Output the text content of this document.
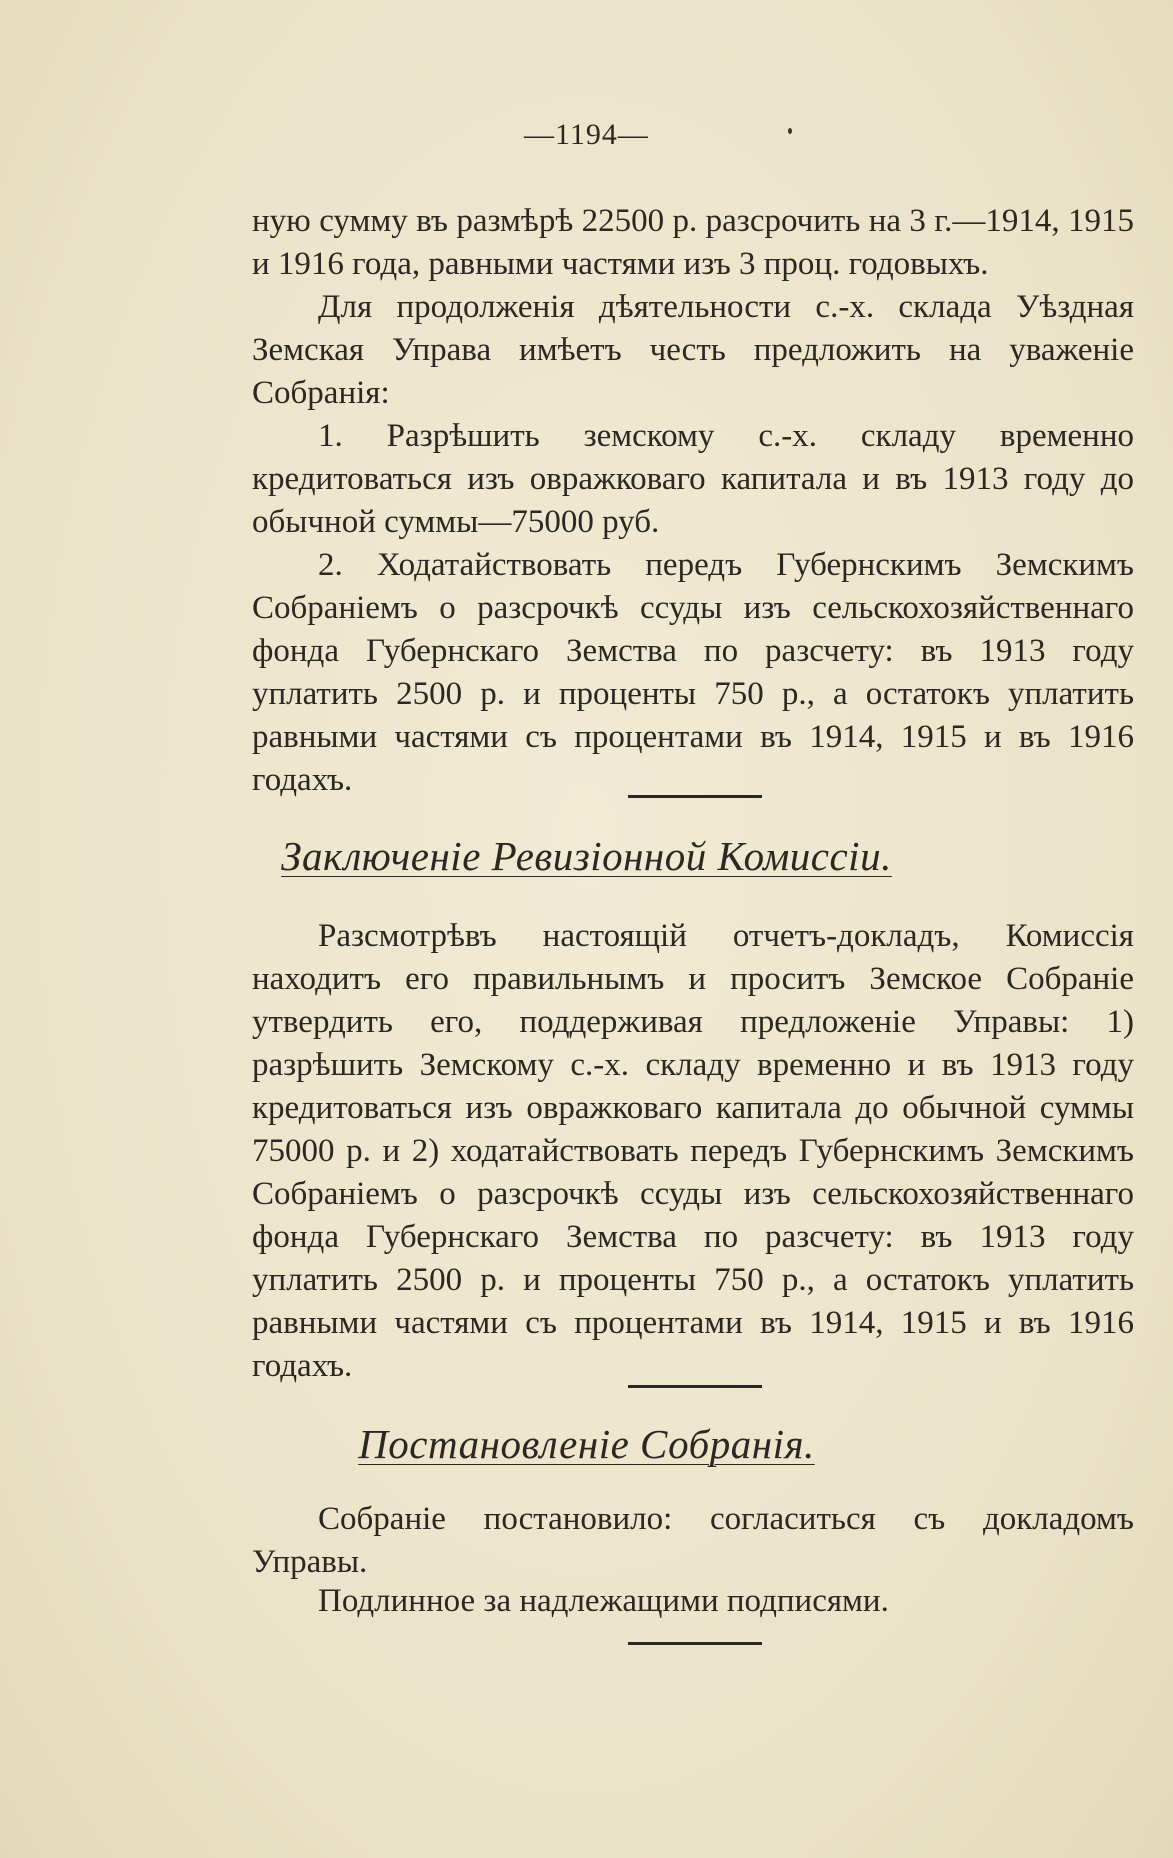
—1194—

ную сумму въ размѣрѣ 22500 р. разсрочить на 3 г.—1914, 1915 и 1916 года, равными частями изъ 3 проц. годовыхъ.

Для продолженія дѣятельности с.-х. склада Уѣздная Земская Управа имѣетъ честь предложить на уваженіе Собранія:

1. Разрѣшить земскому с.-х. складу временно кредитоваться изъ овражковаго капитала и въ 1913 году до обычной суммы—75000 руб.

2. Ходатайствовать передъ Губернскимъ Земскимъ Собраніемъ о разсрочкѣ ссуды изъ сельскохозяйственнаго фонда Губернскаго Земства по разсчету: въ 1913 году уплатить 2500 р. и проценты 750 р., а остатокъ уплатить равными частями съ процентами въ 1914, 1915 и въ 1916 годахъ.

Заключеніе Ревизіонной Комиссіи.

Разсмотрѣвъ настоящій отчетъ-докладъ, Комиссія находитъ его правильнымъ и проситъ Земское Собраніе утвердить его, поддерживая предложеніе Управы: 1) разрѣшить Земскому с.-х. складу временно и въ 1913 году кредитоваться изъ овражковаго капитала до обычной суммы 75000 р. и 2) ходатайствовать передъ Губернскимъ Земскимъ Собраніемъ о разсрочкѣ ссуды изъ сельскохозяйственнаго фонда Губернскаго Земства по разсчету: въ 1913 году уплатить 2500 р. и проценты 750 р., а остатокъ уплатить равными частями съ процентами въ 1914, 1915 и въ 1916 годахъ.

Постановленіе Собранія.

Собраніе постановило: согласиться съ докладомъ Управы.

Подлинное за надлежащими подписями.
